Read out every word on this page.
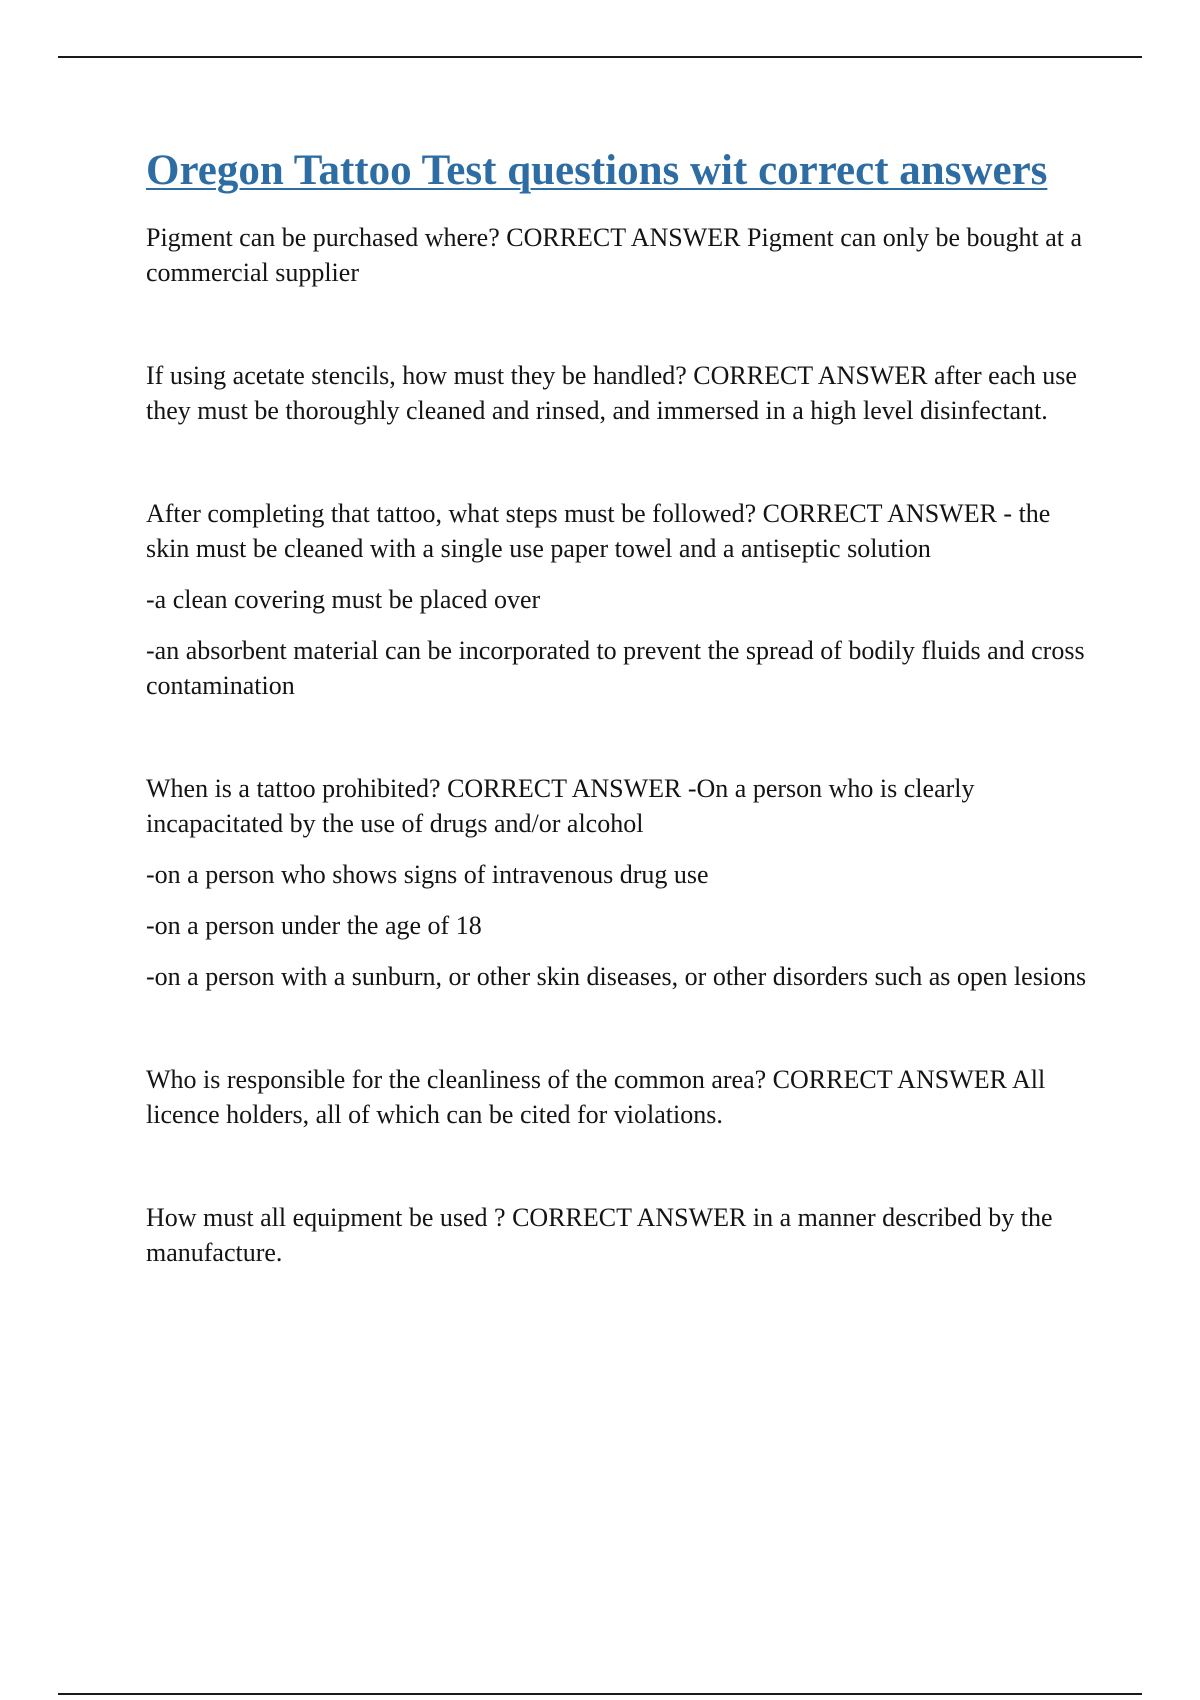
Oregon Tattoo Test questions wit correct answers

Pigment can be purchased where? CORRECT ANSWER Pigment can only be bought at a commercial supplier

If using acetate stencils, how must they be handled? CORRECT ANSWER after each use they must be thoroughly cleaned and rinsed, and immersed in a high level disinfectant.

After completing that tattoo, what steps must be followed? CORRECT ANSWER - the skin must be cleaned with a single use paper towel and a antiseptic solution

-a clean covering must be placed over

-an absorbent material can be incorporated to prevent the spread of bodily fluids and cross contamination

When is a tattoo prohibited? CORRECT ANSWER -On a person who is clearly incapacitated by the use of drugs and/or alcohol

-on a person who shows signs of intravenous drug use

-on a person under the age of 18

-on a person with a sunburn, or other skin diseases, or other disorders such as open lesions

Who is responsible for the cleanliness of the common area? CORRECT ANSWER All licence holders, all of which can be cited for violations.

How must all equipment be used ? CORRECT ANSWER in a manner described by the manufacture.
